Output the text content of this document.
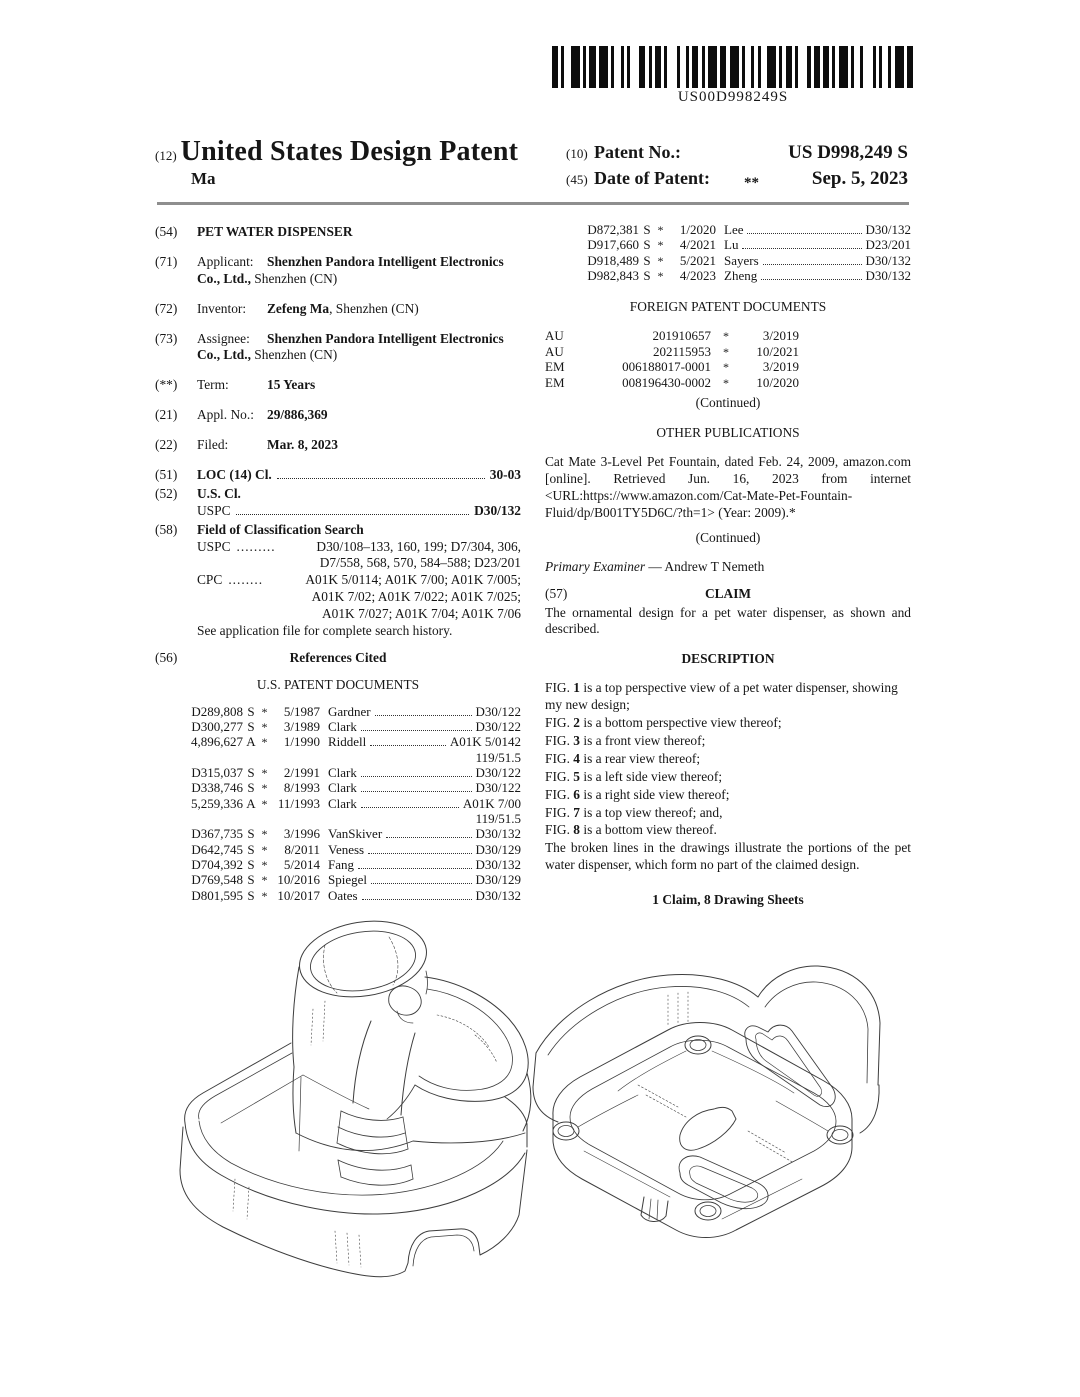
US00D998249S
(12) United States Design Patent
Ma
(10) Patent No.:	US D998,249 S
(45) Date of Patent:	**	Sep. 5, 2023
(54)	PET WATER DISPENSER
(71)	Applicant: Shenzhen Pandora Intelligent Electronics Co., Ltd., Shenzhen (CN)
(72)	Inventor: Zefeng Ma, Shenzhen (CN)
(73)	Assignee: Shenzhen Pandora Intelligent Electronics Co., Ltd., Shenzhen (CN)
(**)	Term:	15 Years
(21)	Appl. No.: 29/886,369
(22)	Filed:	Mar. 8, 2023
(51)	LOC (14) Cl.	30-03
(52)	U.S. Cl.
USPC	D30/132
(58)	Field of Classification Search
USPC .........	D30/108–133, 160, 199; D7/304, 306,
D7/558, 568, 570, 584–588; D23/201
CPC ........	A01K 5/0114; A01K 7/00; A01K 7/005;
A01K 7/02; A01K 7/022; A01K 7/025;
A01K 7/027; A01K 7/04; A01K 7/06
See application file for complete search history.
(56)	References Cited
U.S. PATENT DOCUMENTS
D289,808 S *	5/1987 Gardner	D30/122
D300,277 S *	3/1989 Clark	D30/122
4,896,627 A *	1/1990 Riddell	A01K 5/0142
119/51.5
D315,037 S *	2/1991 Clark	D30/122
D338,746 S *	8/1993 Clark	D30/122
5,259,336 A * 11/1993 Clark	A01K 7/00
119/51.5
D367,735 S *	3/1996 VanSkiver	D30/132
D642,745 S *	8/2011 Veness	D30/129
D704,392 S *	5/2014 Fang	D30/132
D769,548 S * 10/2016 Spiegel	D30/129
D801,595 S * 10/2017 Oates	D30/132
D872,381 S *	1/2020 Lee	D30/132
D917,660 S *	4/2021 Lu	D23/201
D918,489 S *	5/2021 Sayers	D30/132
D982,843 S *	4/2023 Zheng	D30/132
FOREIGN PATENT DOCUMENTS
AU	201910657	*	3/2019
AU	202115953	*	10/2021
EM	006188017-0001	*	3/2019
EM	008196430-0002	*	10/2020
(Continued)
OTHER PUBLICATIONS
Cat Mate 3-Level Pet Fountain, dated Feb. 24, 2009, amazon.com [online]. Retrieved Jun. 16, 2023 from internet <URL:https://www.amazon.com/Cat-Mate-Pet-Fountain-Fluid/dp/B001TY5D6C/?th=1> (Year: 2009).*
(Continued)
Primary Examiner — Andrew T Nemeth
(57)	CLAIM
The ornamental design for a pet water dispenser, as shown and described.
DESCRIPTION
FIG. 1 is a top perspective view of a pet water dispenser, showing my new design;
FIG. 2 is a bottom perspective view thereof;
FIG. 3 is a front view thereof;
FIG. 4 is a rear view thereof;
FIG. 5 is a left side view thereof;
FIG. 6 is a right side view thereof;
FIG. 7 is a top view thereof; and,
FIG. 8 is a bottom view thereof.
The broken lines in the drawings illustrate the portions of the pet water dispenser, which form no part of the claimed design.
1 Claim, 8 Drawing Sheets
